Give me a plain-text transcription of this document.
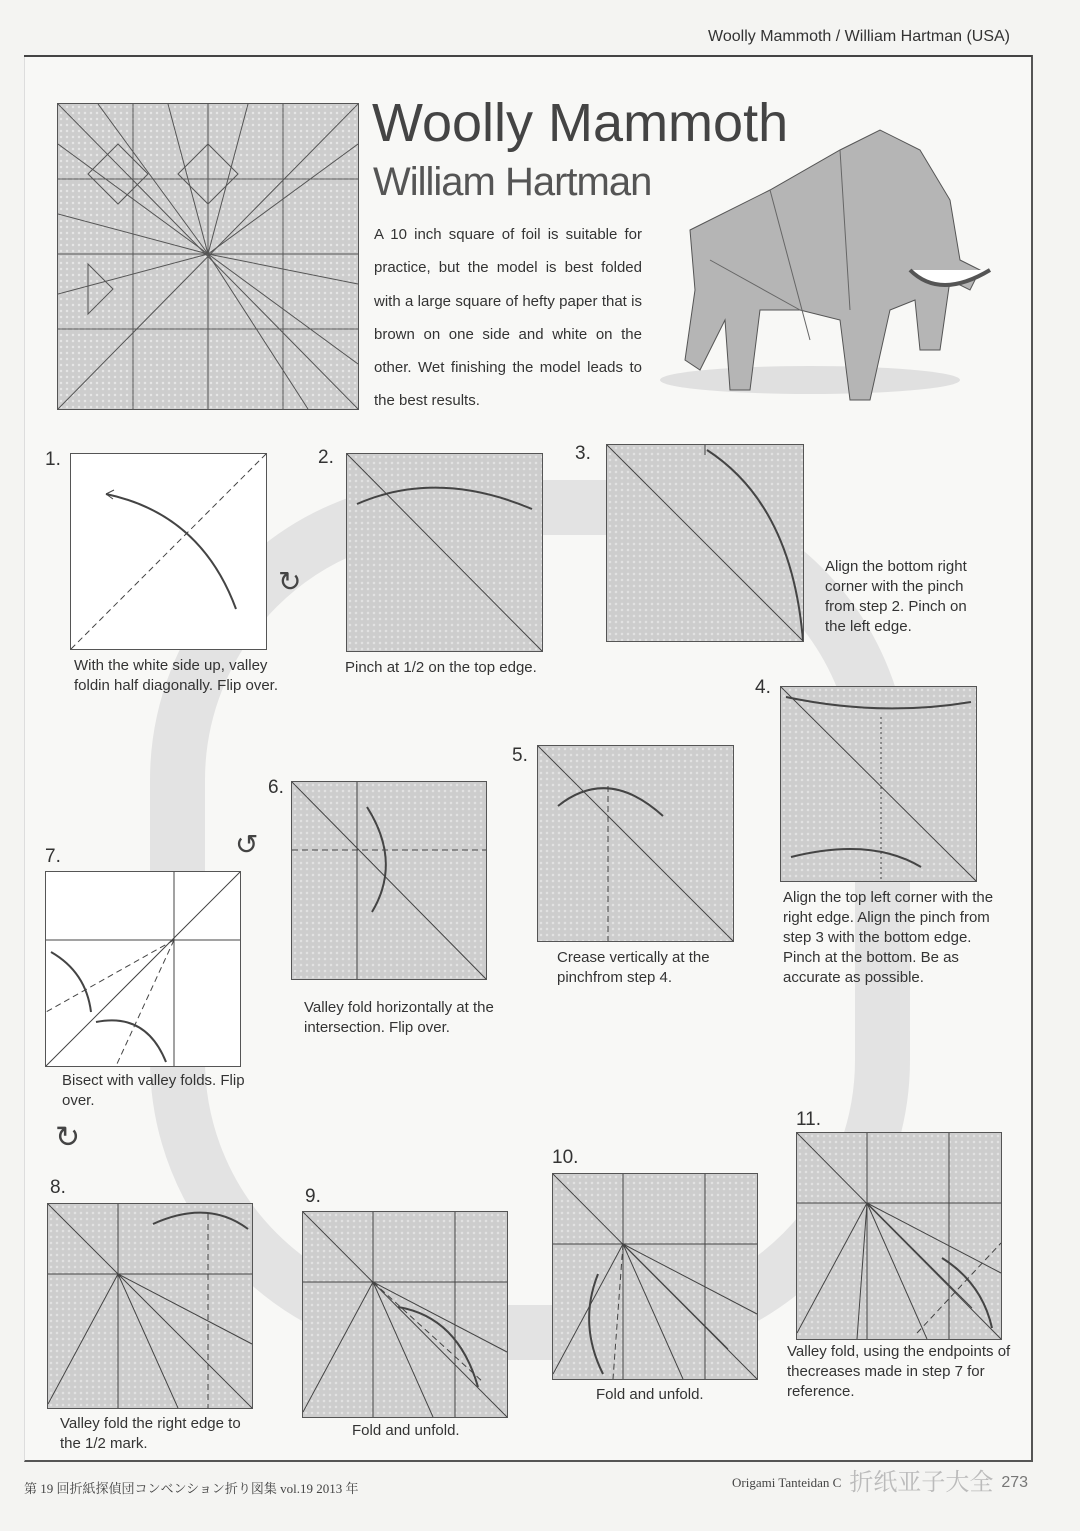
Woolly Mammoth / William Hartman (USA)
Woolly Mammoth
William Hartman
A 10 inch square of foil is suitable for practice, but the model is best folded with a large square of hefty paper that is brown on one side and white on the other. Wet finishing the model leads to the best results.
1.
With the white side up, valley foldin half diagonally. Flip over.
↻
2.
Pinch at 1/2 on the top edge.
3.
Align the bottom right corner with the pinch from step 2. Pinch on the left edge.
4.
Align the top left corner with the right edge. Align the pinch from step 3 with the bottom edge. Pinch at the bottom. Be as accurate as possible.
5.
Crease vertically at the pinchfrom step 4.
6.
Valley fold horizontally at the intersection. Flip over.
↺
7.
Bisect with valley folds. Flip over.
↻
8.
Valley fold the right edge to the 1/2 mark.
9.
Fold and unfold.
10.
Fold and unfold.
11.
Valley fold, using the endpoints of thecreases made in step 7 for reference.
第 19 回折紙探偵団コンベンション折り図集 vol.19 2013 年	Origami Tanteidan C 折纸亚子大全 273
